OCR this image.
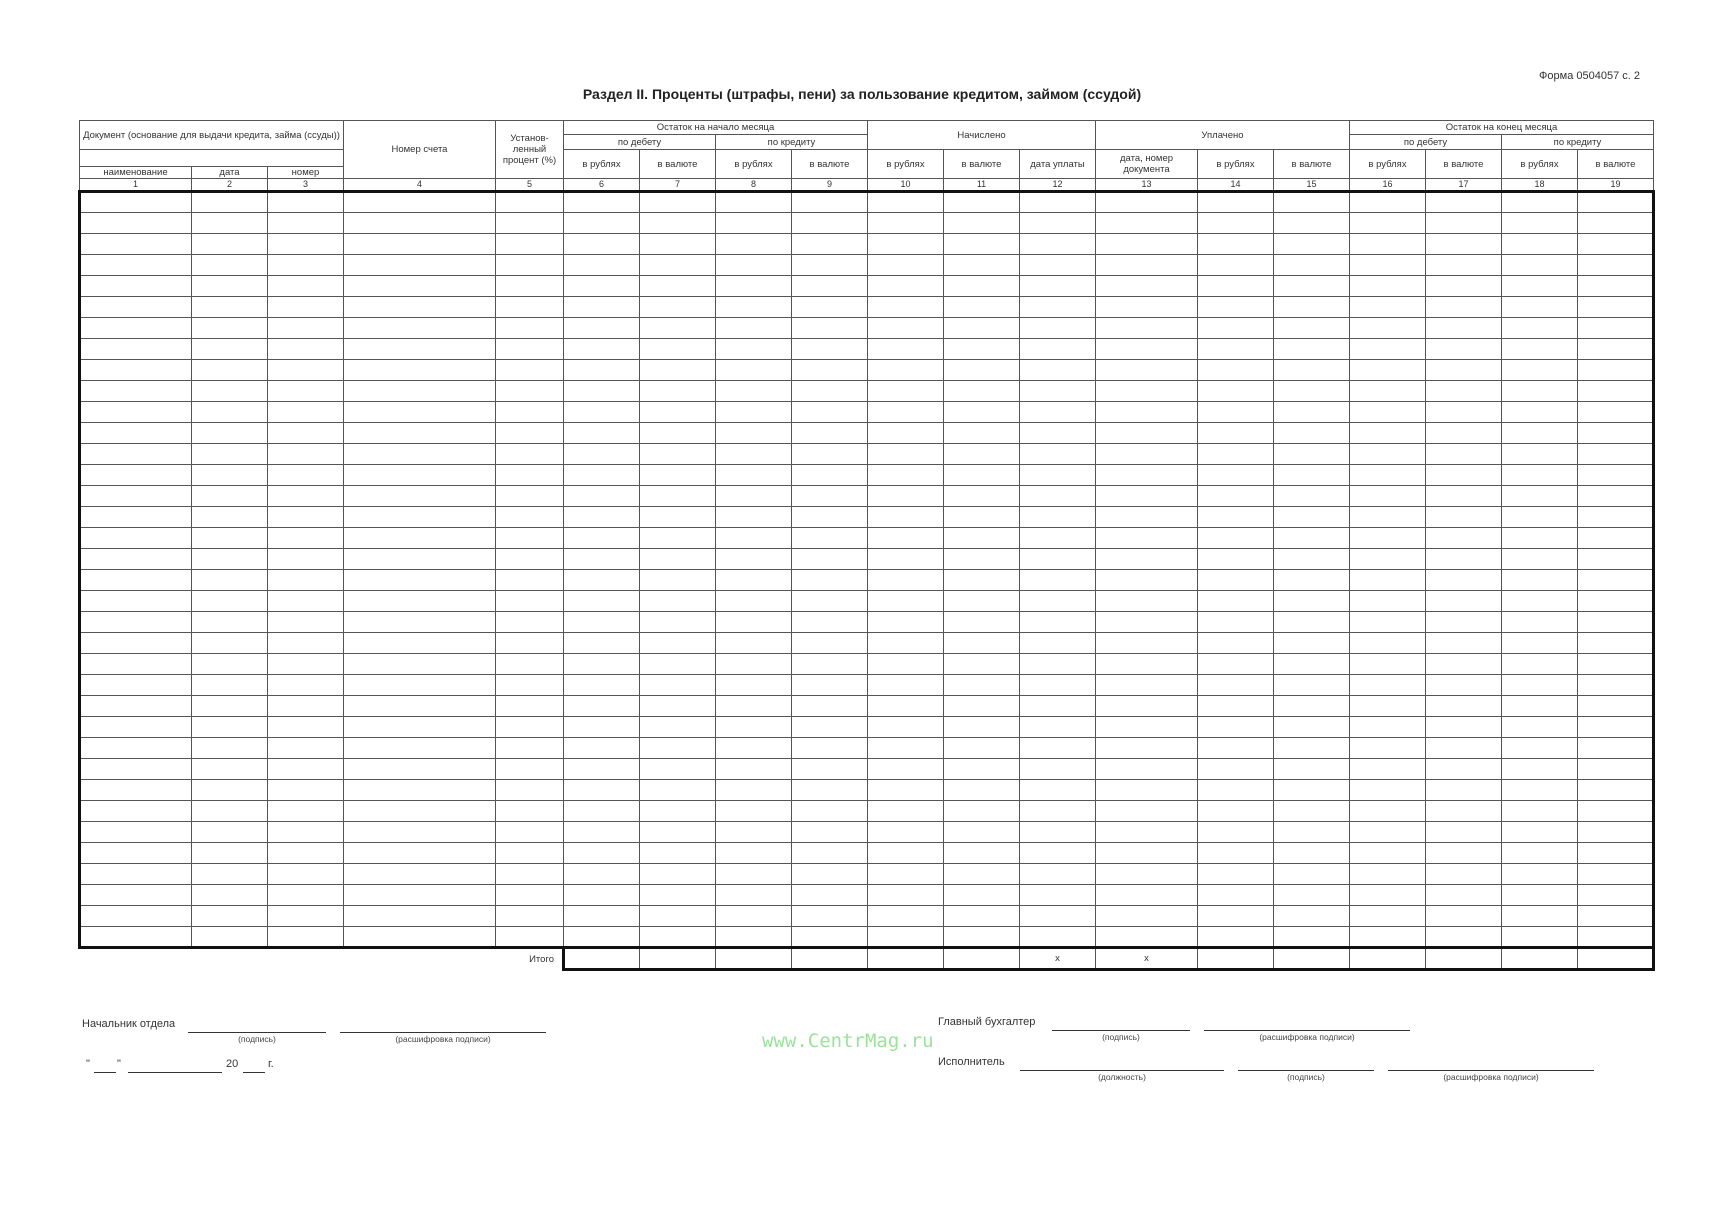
Форма 0504057 с. 2
Раздел II. Проценты (штрафы, пени) за пользование кредитом, займом (ссудой)
Документ (основание для выдачи кредита, займа (ссуды))			Номер счета	Установ-ленный процент (%)	Остаток на начало месяца				Начислено			Уплачено			Остаток на конец месяца			
					по дебету		по кредиту								по дебету		по кредиту	
					в рублях	в валюте	в рублях	в валюте	в рублях	в валюте	дата уплаты	дата, номер документа	в рублях	в валюте	в рублях	в валюте	в рублях	в валюте
наименование	дата	номер																
1	2	3	4	5	6	7	8	9	10	11	12	13	14	15	16	17	18	19

Итого											x	x						
Начальник отдела
(подпись)	(расшифровка подписи)
" "	20	г.
www.CentrMag.ru
Главный бухгалтер
(подпись)	(расшифровка подписи)
Исполнитель
(должность)	(подпись)	(расшифровка подписи)
